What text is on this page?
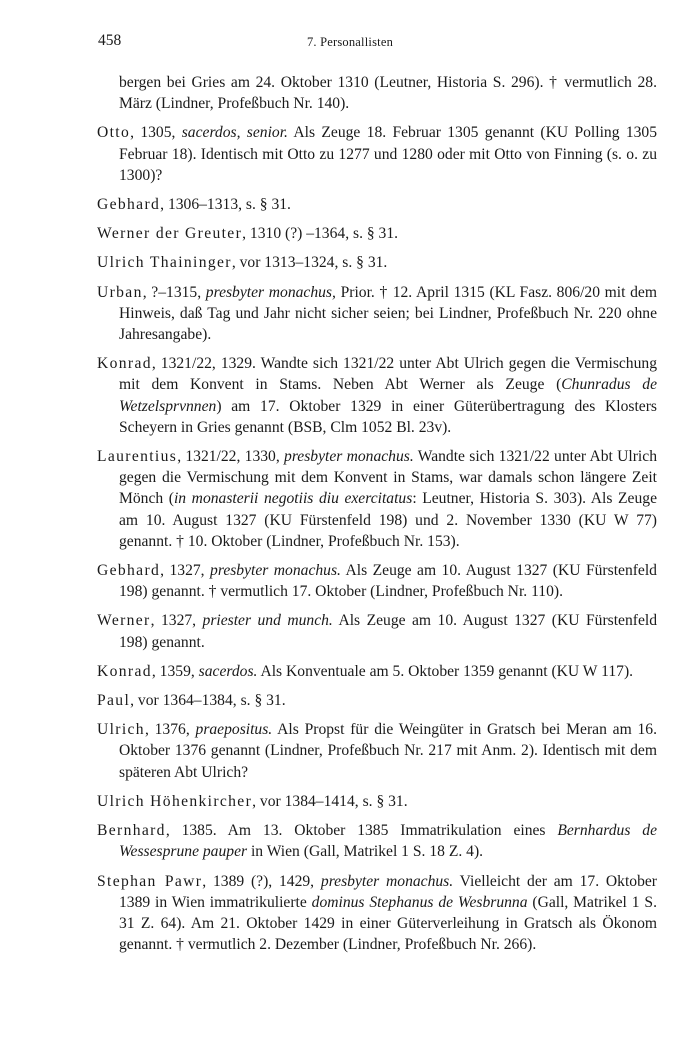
458	7. Personallisten

bergen bei Gries am 24. Oktober 1310 (Leutner, Historia S. 296). † vermutlich 28. März (Lindner, Profeßbuch Nr. 140).

Otto, 1305, sacerdos, senior. Als Zeuge 18. Februar 1305 genannt (KU Polling 1305 Februar 18). Identisch mit Otto zu 1277 und 1280 oder mit Otto von Finning (s. o. zu 1300)?

Gebhard, 1306–1313, s. § 31.

Werner der Greuter, 1310 (?) –1364, s. § 31.

Ulrich Thaininger, vor 1313–1324, s. § 31.

Urban, ?–1315, presbyter monachus, Prior. † 12. April 1315 (KL Fasz. 806/20 mit dem Hinweis, daß Tag und Jahr nicht sicher seien; bei Lindner, Profeßbuch Nr. 220 ohne Jahresangabe).

Konrad, 1321/22, 1329. Wandte sich 1321/22 unter Abt Ulrich gegen die Vermischung mit dem Konvent in Stams. Neben Abt Werner als Zeuge (Chunradus de Wetzelsprvnnen) am 17. Oktober 1329 in einer Güterübertragung des Klosters Scheyern in Gries genannt (BSB, Clm 1052 Bl. 23v).

Laurentius, 1321/22, 1330, presbyter monachus. Wandte sich 1321/22 unter Abt Ulrich gegen die Vermischung mit dem Konvent in Stams, war damals schon längere Zeit Mönch (in monasterii negotiis diu exercitatus: Leutner, Historia S. 303). Als Zeuge am 10. August 1327 (KU Fürstenfeld 198) und 2. November 1330 (KU W 77) genannt. † 10. Oktober (Lindner, Profeßbuch Nr. 153).

Gebhard, 1327, presbyter monachus. Als Zeuge am 10. August 1327 (KU Fürstenfeld 198) genannt. † vermutlich 17. Oktober (Lindner, Profeßbuch Nr. 110).

Werner, 1327, priester und munch. Als Zeuge am 10. August 1327 (KU Fürstenfeld 198) genannt.

Konrad, 1359, sacerdos. Als Konventuale am 5. Oktober 1359 genannt (KU W 117).

Paul, vor 1364–1384, s. § 31.

Ulrich, 1376, praepositus. Als Propst für die Weingüter in Gratsch bei Meran am 16. Oktober 1376 genannt (Lindner, Profeßbuch Nr. 217 mit Anm. 2). Identisch mit dem späteren Abt Ulrich?

Ulrich Höhenkircher, vor 1384–1414, s. § 31.

Bernhard, 1385. Am 13. Oktober 1385 Immatrikulation eines Bernhardus de Wessesprune pauper in Wien (Gall, Matrikel 1 S. 18 Z. 4).

Stephan Pawr, 1389 (?), 1429, presbyter monachus. Vielleicht der am 17. Oktober 1389 in Wien immatrikulierte dominus Stephanus de Wesbrunna (Gall, Matrikel 1 S. 31 Z. 64). Am 21. Oktober 1429 in einer Güterverleihung in Gratsch als Ökonom genannt. † vermutlich 2. Dezember (Lindner, Profeßbuch Nr. 266).
